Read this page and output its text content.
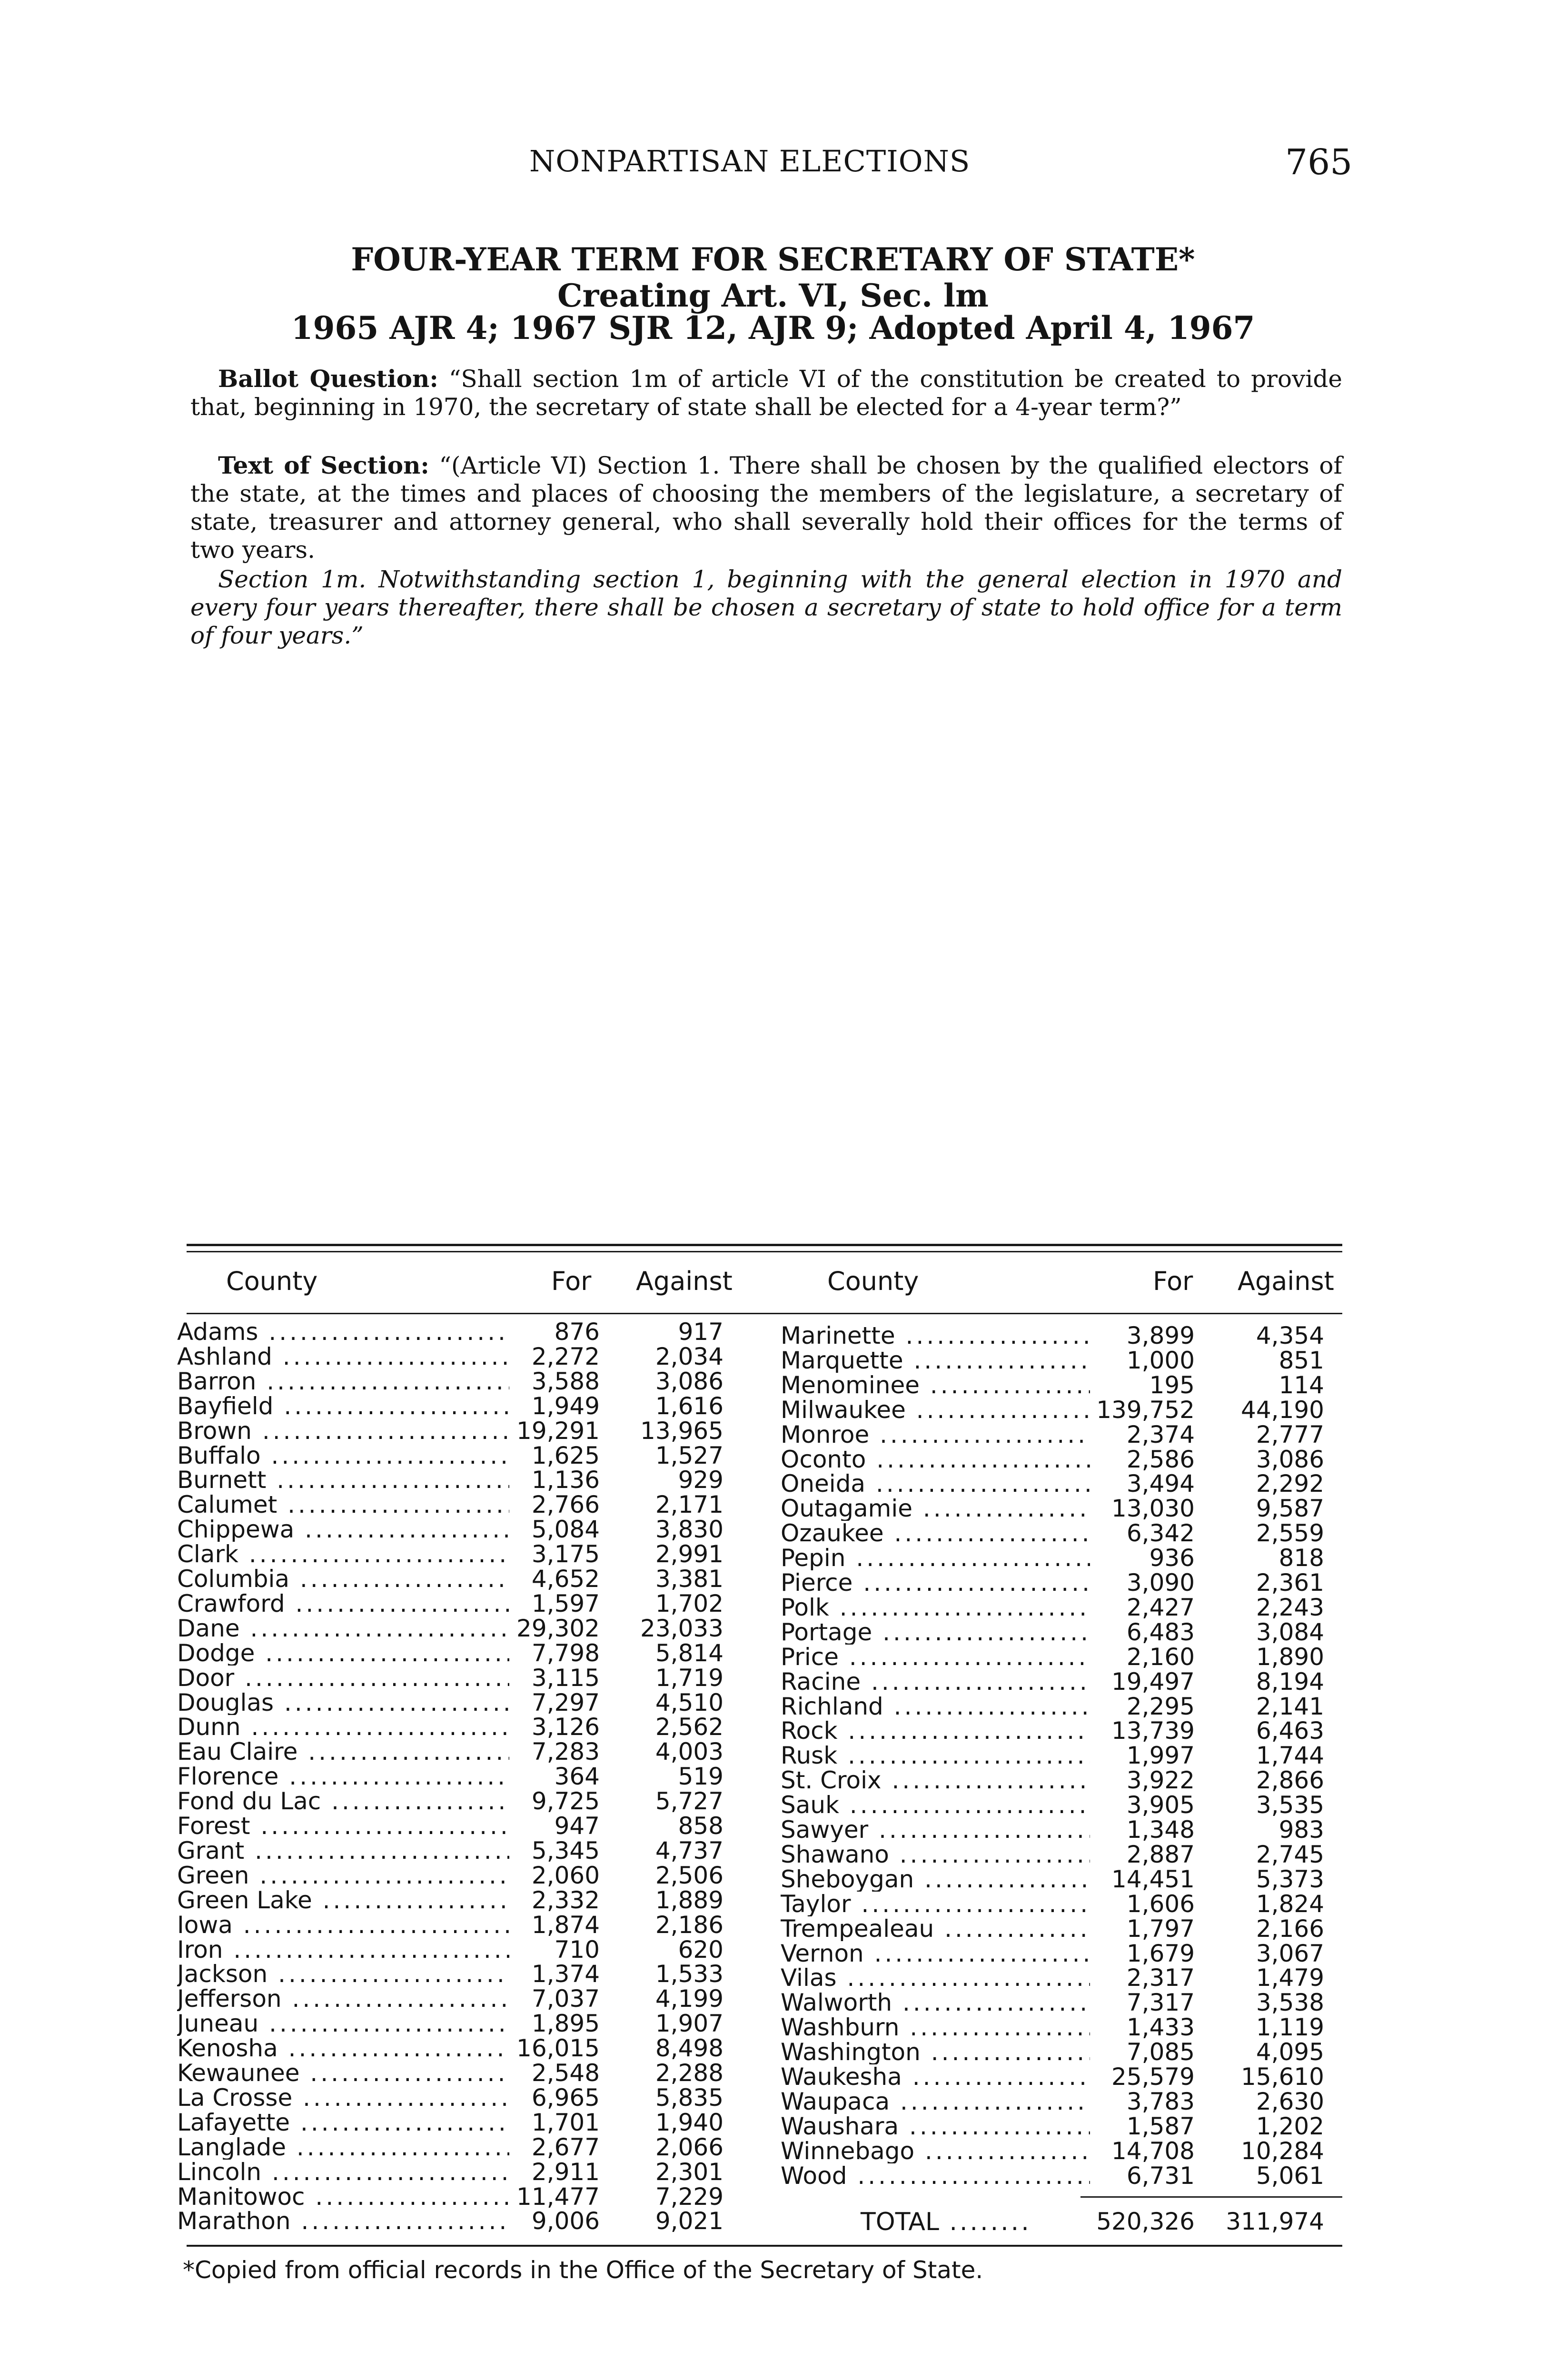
NONPARTISAN ELECTIONS	765
FOUR-YEAR TERM FOR SECRETARY OF STATE*
Creating Art. VI, Sec. lm
1965 AJR 4; 1967 SJR 12, AJR 9; Adopted April 4, 1967
Ballot Question: “Shall section 1m of article VI of the constitution be created to provide that, beginning in 1970, the secretary of state shall be elected for a 4-year term?”
Text of Section: “(Article VI) Section 1. There shall be chosen by the qualified electors of the state, at the times and places of choosing the members of the legislature, a secretary of state, treasurer and attorney general, who shall severally hold their offices for the terms of two years.
Section 1m. Notwithstanding section 1, beginning with the general election in 1970 and every four years thereafter, there shall be chosen a secretary of state to hold office for a term of four years.”
County	For Against	County	For Against
Adams .....	876	917
Ashland .....	2,272	2,034
Barron .....	3,588	3,086
Bayfield .....	1,949	1,616
Brown .....	19,291	13,965
Buffalo .....	1,625	1,527
Burnett .....	1,136	929
Calumet .....	2,766	2,171
Chippewa .....	5,084	3,830
Clark .....	3,175	2,991
Columbia .....	4,652	3,381
Crawford .....	1,597	1,702
Dane .....	29,302	23,033
Dodge .....	7,798	5,814
Door .....	3,115	1,719
Douglas .....	7,297	4,510
Dunn .....	3,126	2,562
Eau Claire .....	7,283	4,003
Florence .....	364	519
Fond du Lac .....	9,725	5,727
Forest .....	947	858
Grant .....	5,345	4,737
Green .....	2,060	2,506
Green Lake .....	2,332	1,889
Iowa .....	1,874	2,186
Iron .....	710	620
Jackson .....	1,374	1,533
Jefferson .....	7,037	4,199
Juneau .....	1,895	1,907
Kenosha .....	16,015	8,498
Kewaunee .....	2,548	2,288
La Crosse .....	6,965	5,835
Lafayette .....	1,701	1,940
Langlade .....	2,677	2,066
Lincoln .....	2,911	2,301
Manitowoc .....	11,477	7,229
Marathon .....	9,006	9,021
Marinette .....	3,899	4,354
Marquette .....	1,000	851
Menominee .....	195	114
Milwaukee .....	139,752	44,190
Monroe .....	2,374	2,777
Oconto .....	2,586	3,086
Oneida .....	3,494	2,292
Outagamie .....	13,030	9,587
Ozaukee .....	6,342	2,559
Pepin .....	936	818
Pierce .....	3,090	2,361
Polk .....	2,427	2,243
Portage .....	6,483	3,084
Price .....	2,160	1,890
Racine .....	19,497	8,194
Richland .....	2,295	2,141
Rock .....	13,739	6,463
Rusk .....	1,997	1,744
St. Croix .....	3,922	2,866
Sauk .....	3,905	3,535
Sawyer .....	1,348	983
Shawano .....	2,887	2,745
Sheboygan .....	14,451	5,373
Taylor .....	1,606	1,824
Trempealeau .....	1,797	2,166
Vernon .....	1,679	3,067
Vilas .....	2,317	1,479
Walworth .....	7,317	3,538
Washburn .....	1,433	1,119
Washington .....	7,085	4,095
Waukesha .....	25,579	15,610
Waupaca .....	3,783	2,630
Waushara .....	1,587	1,202
Winnebago .....	14,708	10,284
Wood .....	6,731	5,061
TOTAL .....	520,326	311,974
*Copied from official records in the Office of the Secretary of State.
